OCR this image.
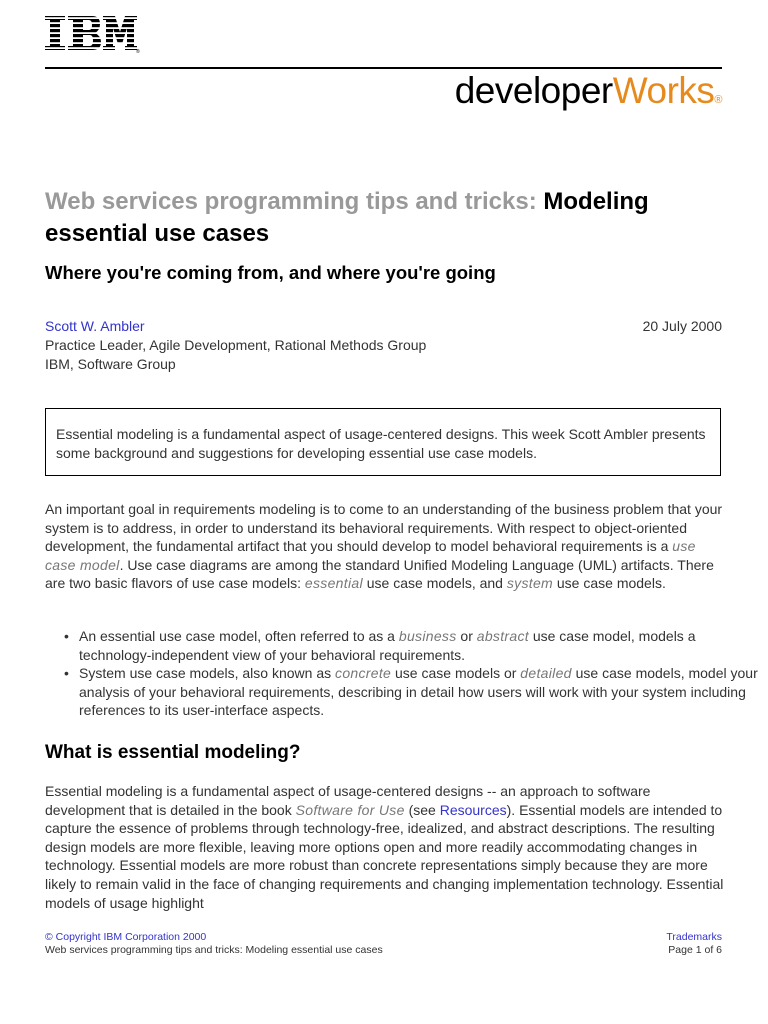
®
developerWorks®
Web services programming tips and tricks: Modeling essential use cases
Where you're coming from, and where you're going
Scott W. Ambler
Practice Leader, Agile Development, Rational Methods Group
IBM, Software Group
20 July 2000
Essential modeling is a fundamental aspect of usage-centered designs. This week Scott Ambler presents some background and suggestions for developing essential use case models.

An important goal in requirements modeling is to come to an understanding of the business problem that your system is to address, in order to understand its behavioral requirements. With respect to object-oriented development, the fundamental artifact that you should develop to model behavioral requirements is a use case model. Use case diagrams are among the standard Unified Modeling Language (UML) artifacts. There are two basic flavors of use case models: essential use case models, and system use case models.

• An essential use case model, often referred to as a business or abstract use case model, models a technology-independent view of your behavioral requirements.
• System use case models, also known as concrete use case models or detailed use case models, model your analysis of your behavioral requirements, describing in detail how users will work with your system including references to its user-interface aspects.
What is essential modeling?

Essential modeling is a fundamental aspect of usage-centered designs -- an approach to software development that is detailed in the book Software for Use (see Resources). Essential models are intended to capture the essence of problems through technology-free, idealized, and abstract descriptions. The resulting design models are more flexible, leaving more options open and more readily accommodating changes in technology. Essential models are more robust than concrete representations simply because they are more likely to remain valid in the face of changing requirements and changing implementation technology. Essential models of usage highlight

© Copyright IBM Corporation 2000
Web services programming tips and tricks: Modeling essential use cases
Trademarks
Page 1 of 6
